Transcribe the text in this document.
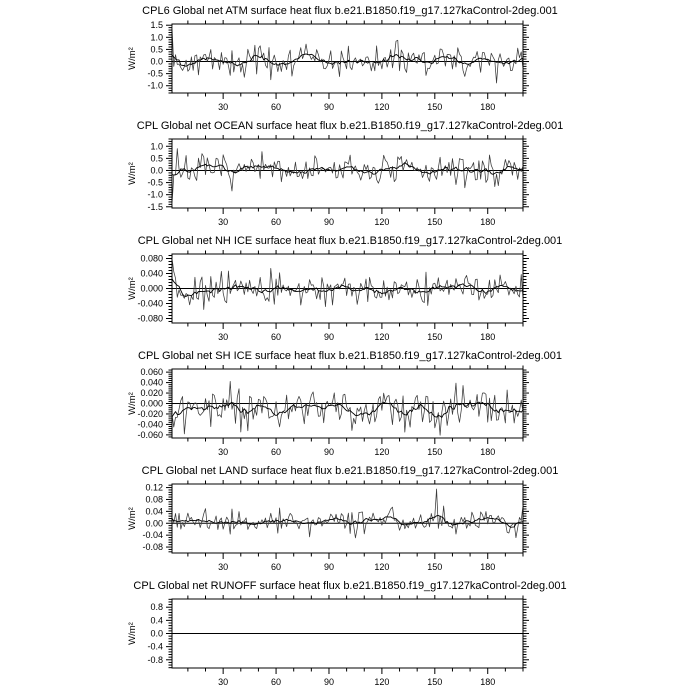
CPL6 Global net ATM surface heat flux b.e21.B1850.f19_g17.127kaControl-2deg.001
30	60	90	120	150	180
1.5
1.0
0.5
0.0
-0.5
-1.0
W/m²
CPL Global net OCEAN surface heat flux b.e21.B1850.f19_g17.127kaControl-2deg.001
30	60	90	120	150	180
1.0
0.5
0.0
-0.5
-1.0
-1.5
W/m²
CPL Global net NH ICE surface heat flux b.e21.B1850.f19_g17.127kaControl-2deg.001
30	60	90	120	150	180
0.080
0.040
0.000
-0.040
-0.080
W/m²
CPL Global net SH ICE surface heat flux b.e21.B1850.f19_g17.127kaControl-2deg.001
30	60	90	120	150	180
0.060
0.040
0.020
0.000
-0.020
-0.040
-0.060
W/m²
CPL Global net LAND surface heat flux b.e21.B1850.f19_g17.127kaControl-2deg.001
30	60	90	120	150	180
0.12
0.08
0.04
0.00
-0.04
-0.08
W/m²
CPL Global net RUNOFF surface heat flux b.e21.B1850.f19_g17.127kaControl-2deg.001
30	60	90	120	150	180
0.8
0.4
0.0
-0.4
-0.8
W/m²
